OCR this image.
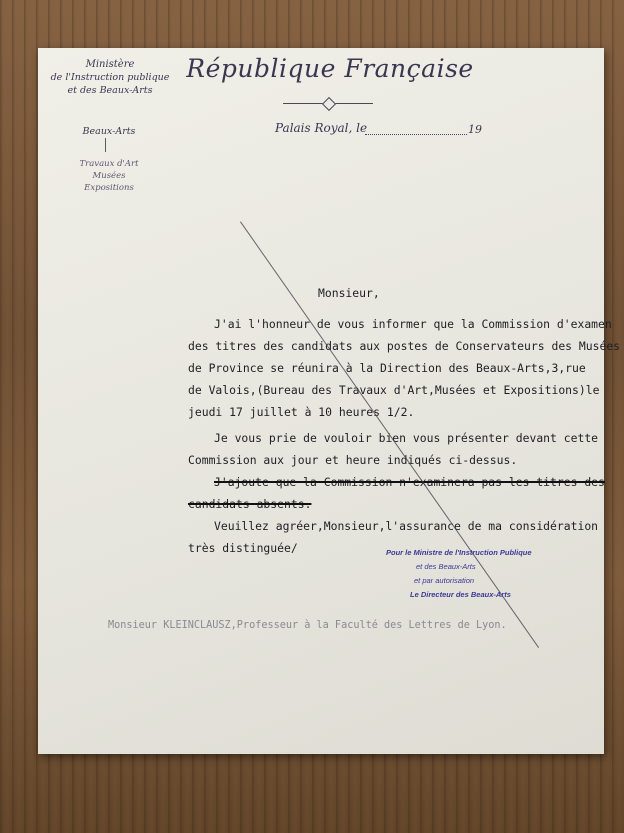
Ministère
de l'Instruction publique
et des Beaux-Arts
Beaux-Arts
Travaux d'Art
Musées
Expositions
République Française
Palais Royal, le	19
Monsieur,
J'ai l'honneur de vous informer que la Commission d'examen
des titres des candidats aux postes de Conservateurs des Musées
de Province se réunira à la Direction des Beaux-Arts,3,rue
de Valois,(Bureau des Travaux d'Art,Musées et Expositions)le
jeudi 17 juillet à 10 heures 1/2.
Je vous prie de vouloir bien vous présenter devant cette
Commission aux jour et heure indiqués ci-dessus.
J'ajoute que la Commission n'examinera pas les titres des
candidats absents.
Veuillez agréer,Monsieur,l'assurance de ma considération
très distinguée/	Pour le Ministre de l'Instruction Publique
et des Beaux-Arts
et par autorisation
Le Directeur des Beaux-Arts
Monsieur KLEINCLAUSZ,Professeur à la Faculté des Lettres de Lyon.
